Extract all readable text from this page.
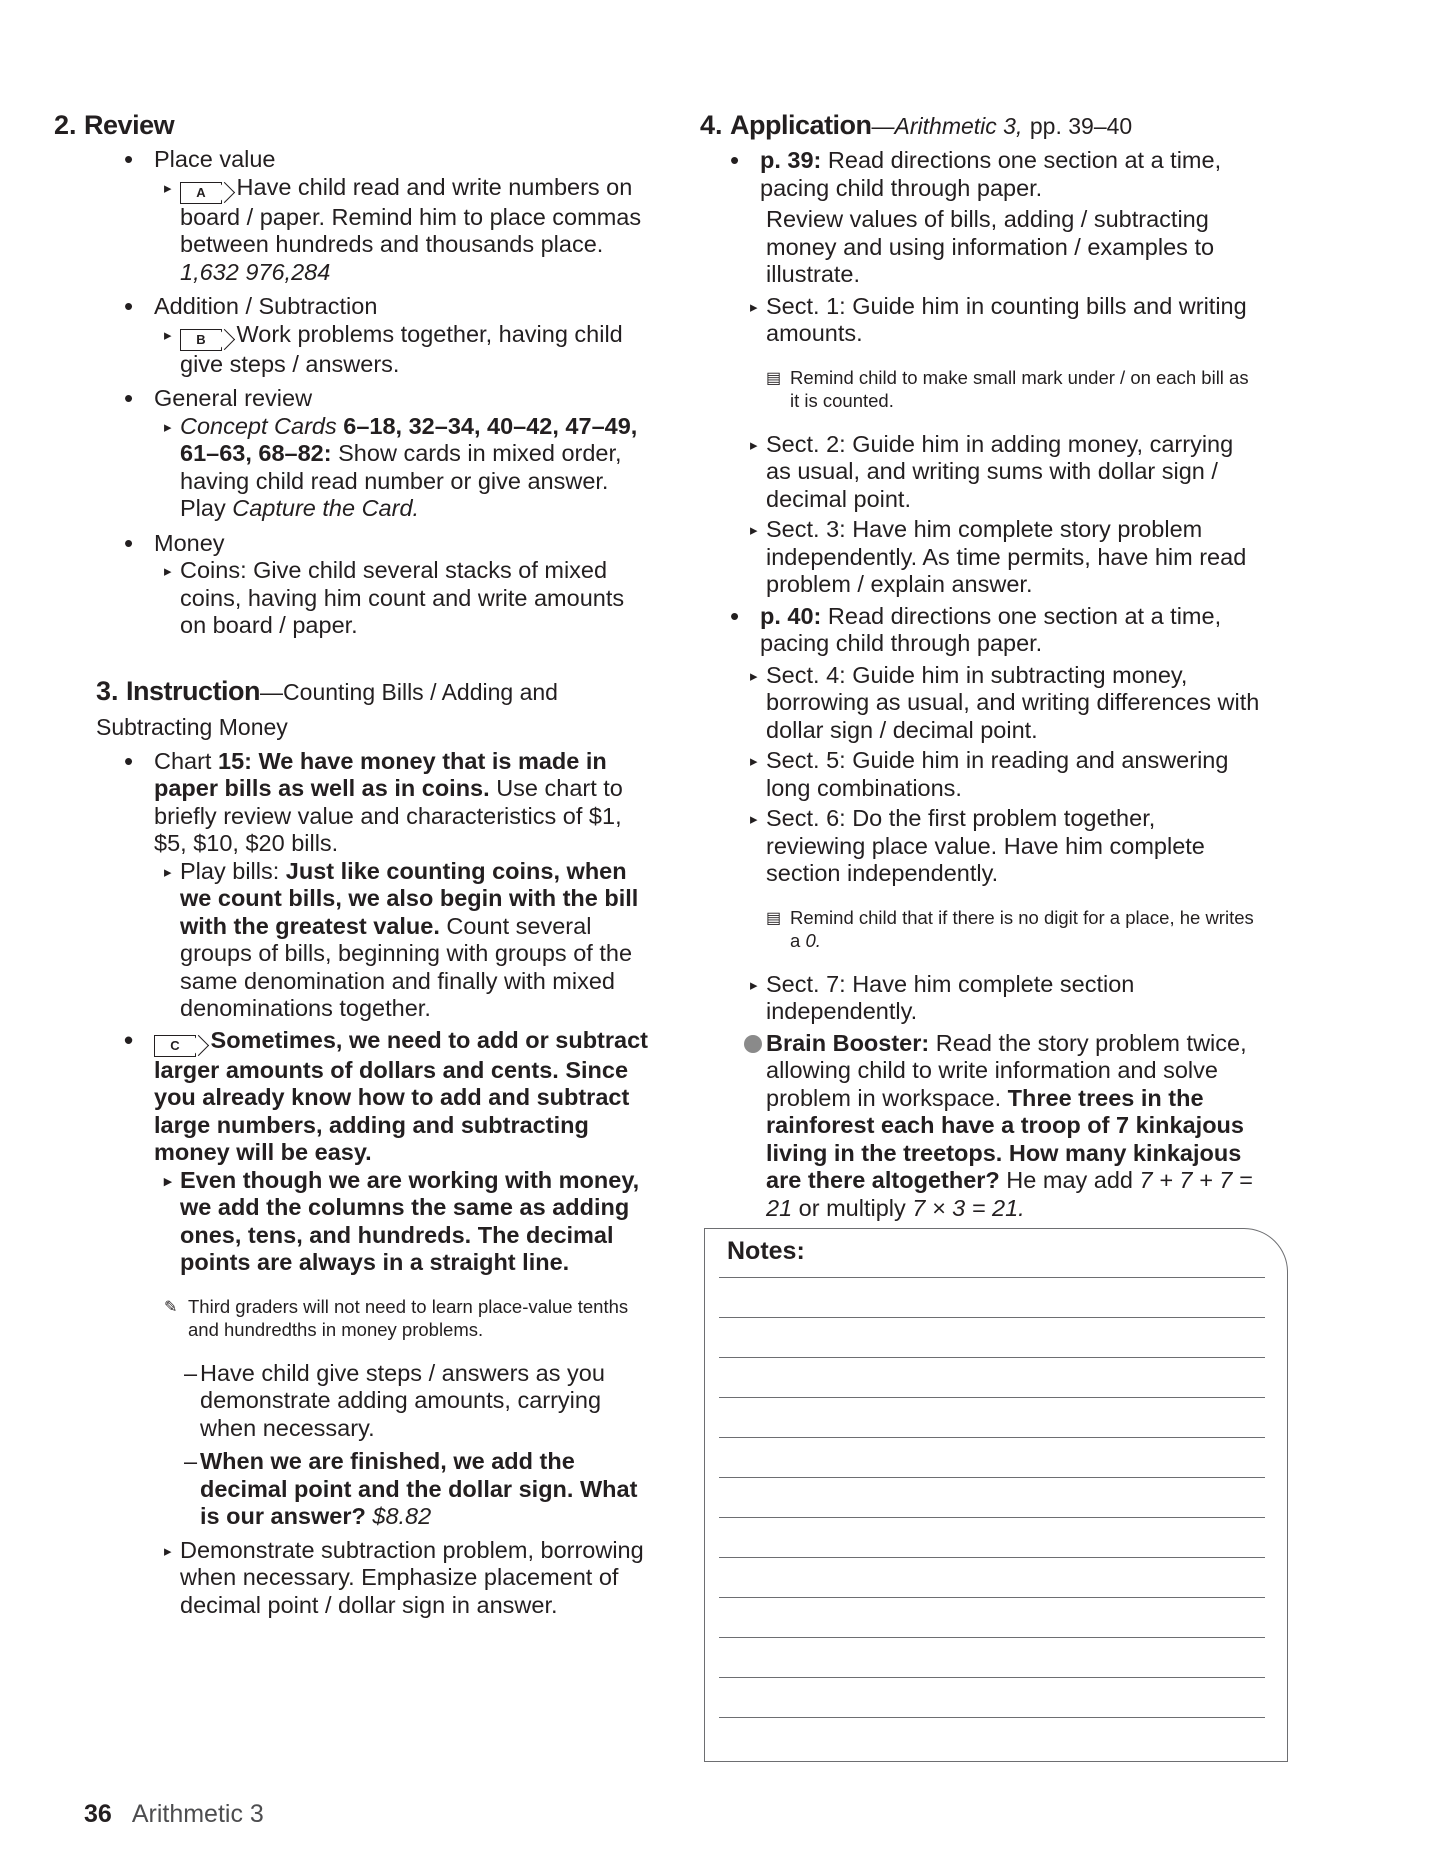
2. Review

• Place value

▸ A Have child read and write numbers on board / paper. Remind him to place commas between hundreds and thousands place.
1,632 976,284

• Addition / Subtraction

▸ B Work problems together, having child give steps / answers.

• General review

▸ Concept Cards 6–18, 32–34, 40–42, 47–49, 61–63, 68–82: Show cards in mixed order, having child read number or give answer. Play Capture the Card.

• Money

▸ Coins: Give child several stacks of mixed coins, having him count and write amounts on board / paper.

3. Instruction—Counting Bills / Adding and Subtracting Money

• Chart 15: We have money that is made in paper bills as well as in coins. Use chart to briefly review value and characteristics of $1, $5, $10, $20 bills.

▸ Play bills: Just like counting coins, when we count bills, we also begin with the bill with the greatest value. Count several groups of bills, beginning with groups of the same denomination and finally with mixed denominations together.

• C Sometimes, we need to add or subtract larger amounts of dollars and cents. Since you already know how to add and subtract large numbers, adding and subtracting money will be easy.

▸ Even though we are working with money, we add the columns the same as adding ones, tens, and hundreds. The decimal points are always in a straight line.

✎ Third graders will not need to learn place-value tenths and hundredths in money problems.

– Have child give steps / answers as you demonstrate adding amounts, carrying when necessary.

– When we are finished, we add the decimal point and the dollar sign. What is our answer? $8.82

▸ Demonstrate subtraction problem, borrowing when necessary. Emphasize placement of decimal point / dollar sign in answer.

4. Application—Arithmetic 3, pp. 39–40

• p. 39: Read directions one section at a time, pacing child through paper.

Review values of bills, adding / subtracting money and using information / examples to illustrate.

▸ Sect. 1: Guide him in counting bills and writing amounts.

▤ Remind child to make small mark under / on each bill as it is counted.

▸ Sect. 2: Guide him in adding money, carrying as usual, and writing sums with dollar sign / decimal point.

▸ Sect. 3: Have him complete story problem independently. As time permits, have him read problem / explain answer.

• p. 40: Read directions one section at a time, pacing child through paper.

▸ Sect. 4: Guide him in subtracting money, borrowing as usual, and writing differences with dollar sign / decimal point.

▸ Sect. 5: Guide him in reading and answering long combinations.

▸ Sect. 6: Do the first problem together, reviewing place value. Have him complete section independently.

▤ Remind child that if there is no digit for a place, he writes a 0.

▸ Sect. 7: Have him complete section independently.

Brain Booster: Read the story problem twice, allowing child to write information and solve problem in workspace. Three trees in the rainforest each have a troop of 7 kinkajous living in the treetops. How many kinkajous are there altogether? He may add 7 + 7 + 7 = 21 or multiply 7 × 3 = 21.

Notes:

36 Arithmetic 3
